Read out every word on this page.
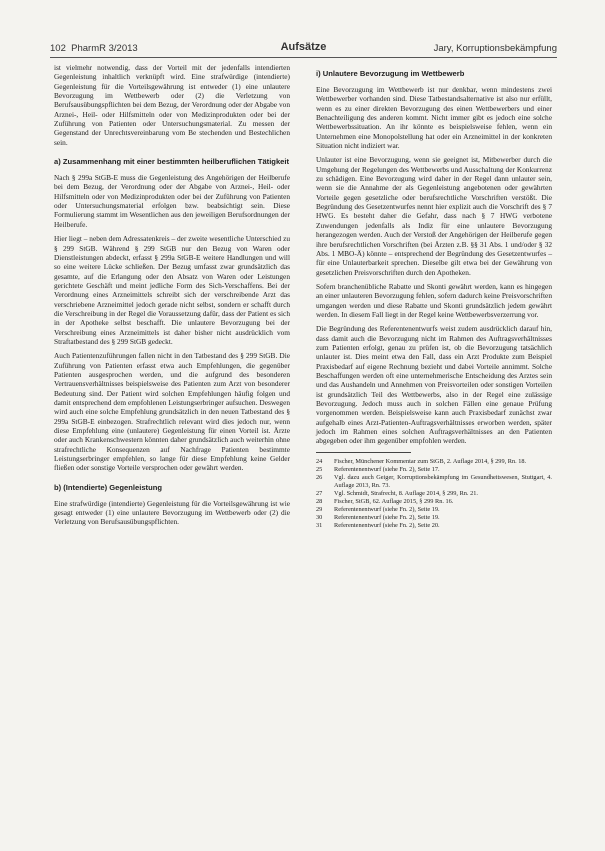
102 PharmR 3/2013	Aufsätze	Jary, Korruptionsbekämpfung

ist vielmehr notwendig, dass der Vorteil mit der jedenfalls intendierten Gegenleistung inhaltlich verknüpft wird. Eine strafwürdige (intendierte) Gegenleistung für die Vorteilsgewährung ist entweder (1) eine unlautere Bevorzugung im Wettbewerb oder (2) die Verletzung von Berufsausübungspflichten bei dem Bezug, der Verordnung oder der Abgabe von Arznei-, Heil- oder Hilfsmitteln oder von Medizinprodukten oder bei der Zuführung von Patienten oder Untersuchungsmaterial. Zu messen der Gegenstand der Unrechtsvereinbarung vom Be stechenden und Bestechlichen sein.

a) Zusammenhang mit einer bestimmten heilberuflichen Tätigkeit

Nach § 299a StGB-E muss die Gegenleistung des Angehörigen der Heilberufe bei dem Bezug, der Verordnung oder der Abgabe von Arznei-, Heil- oder Hilfsmitteln oder von Medizinprodukten oder bei der Zuführung von Patienten oder Untersuchungsmaterial erfolgen bzw. beabsichtigt sein. Diese Formulierung stammt im Wesentlichen aus den jeweiligen Berufsordnungen der Heilberufe.

Hier liegt – neben dem Adressatenkreis – der zweite wesentliche Unterschied zu § 299 StGB. Während § 299 StGB nur den Bezug von Waren oder Dienstleistungen abdeckt, erfasst § 299a StGB-E weitere Handlungen und will so eine weitere Lücke schließen. Der Bezug umfasst zwar grundsätzlich das gesamte, auf die Erlangung oder den Absatz von Waren oder Leistungen gerichtete Geschäft und meint jedliche Form des Sich-Verschaffens. Bei der Verordnung eines Arzneimittels schreibt sich der verschreibende Arzt das verschriebene Arzneimittel jedoch gerade nicht selbst, sondern er schafft durch die Verschreibung in der Regel die Voraussetzung dafür, dass der Patient es sich in der Apotheke selbst beschafft. Die unlautere Bevorzugung bei der Verschreibung eines Arzneimittels ist daher bisher nicht ausdrücklich vom Straftatbestand des § 299 StGB gedeckt.

Auch Patientenzuführungen fallen nicht in den Tatbestand des § 299 StGB. Die Zuführung von Patienten erfasst etwa auch Empfehlungen, die gegenüber Patienten ausgesprochen werden, und die aufgrund des besonderen Vertrauensverhältnisses beispielsweise des Patienten zum Arzt von besonderer Bedeutung sind. Der Patient wird solchen Empfehlungen häufig folgen und damit entsprechend dem empfohlenen Leistungserbringer aufsuchen. Deswegen wird auch eine solche Empfehlung grundsätzlich in den neuen Tatbestand des § 299a StGB-E einbezogen. Strafrechtlich relevant wird dies jedoch nur, wenn diese Empfehlung eine (unlautere) Gegenleistung für einen Vorteil ist. Ärzte oder auch Krankenschwestern könnten daher grundsätzlich auch weiterhin ohne strafrechtliche Konsequenzen auf Nachfrage Patienten bestimmte Leistungserbringer empfehlen, so lange für diese Empfehlung keine Gelder fließen oder sonstige Vorteile versprochen oder gewährt werden.

b) (Intendierte) Gegenleistung

Eine strafwürdige (intendierte) Gegenleistung für die Vorteilsgewährung ist wie gesagt entweder (1) eine unlautere Bevorzugung im Wettbewerb oder (2) die Verletzung von Berufsausübungspflichten.

i) Unlautere Bevorzugung im Wettbewerb

Eine Bevorzugung im Wettbewerb ist nur denkbar, wenn mindestens zwei Wettbewerber vorhanden sind. Diese Tatbestandsalternative ist also nur erfüllt, wenn es zu einer direkten Bevorzugung des einen Wettbewerbers und einer Benachteiligung des anderen kommt. Nicht immer gibt es jedoch eine solche Wettbewerbssituation. An ihr könnte es beispielsweise fehlen, wenn ein Unternehmen eine Monopolstellung hat oder ein Arzneimittel in der konkreten Situation nicht indiziert war.

Unlauter ist eine Bevorzugung, wenn sie geeignet ist, Mitbewerber durch die Umgehung der Regelungen des Wettbewerbs und Ausschaltung der Konkurrenz zu schädigen. Eine Bevorzugung wird daher in der Regel dann unlauter sein, wenn sie die Annahme der als Gegenleistung angebotenen oder gewährten Vorteile gegen gesetzliche oder berufsrechtliche Vorschriften verstößt. Die Begründung des Gesetzentwurfes nennt hier explizit auch die Vorschrift des § 7 HWG. Es besteht daher die Gefahr, dass nach § 7 HWG verbotene Zuwendungen jedenfalls als Indiz für eine unlautere Bevorzugung herangezogen werden. Auch der Verstoß der Angehörigen der Heilberufe gegen ihre berufsrechtlichen Vorschriften (bei Ärzten z.B. §§ 31 Abs. 1 und/oder § 32 Abs. 1 MBO-Ä) könnte – entsprechend der Begründung des Gesetzentwurfes – für eine Unlauterbarkeit sprechen. Dieselbe gilt etwa bei der Gewährung von gesetzlichen Preisvorschriften durch den Apotheken.

Sofern branchenübliche Rabatte und Skonti gewährt werden, kann es hingegen an einer unlauteren Bevorzugung fehlen, sofern dadurch keine Preisvorschriften umgangen werden und diese Rabatte und Skonti grundsätzlich jedem gewährt werden. In diesem Fall liegt in der Regel keine Wettbewerbsverzerrung vor.

Die Begründung des Referentenentwurfs weist zudem ausdrücklich darauf hin, dass damit auch die Bevorzugung nicht im Rahmen des Auftragsverhältnisses zum Patienten erfolgt, genau zu prüfen ist, ob die Bevorzugung tatsächlich unlauter ist. Dies meint etwa den Fall, dass ein Arzt Produkte zum Beispiel Praxisbedarf auf eigene Rechnung bezieht und dabei Vorteile annimmt. Solche Beschaffungen werden oft eine unternehmerische Entscheidung des Arztes sein und das Aushandeln und Annehmen von Preisvorteilen oder sonstigen Vorteilen ist grundsätzlich Teil des Wettbewerbs, also in der Regel eine zulässige Bevorzugung. Jedoch muss auch in solchen Fällen eine genaue Prüfung vorgenommen werden. Beispielsweise kann auch Praxisbedarf zunächst zwar aufgehalb eines Arzt-Patienten-Auftragsverhältnisses erworben werden, später jedoch im Rahmen eines solchen Auftragsverhältnisses an den Patienten abgegeben oder ihm gegenüber empfohlen werden.

24	Fischer, Münchener Kommentar zum StGB, 2. Auflage 2014, § 299, Rn. 18.
25	Referentenentwurf (siehe Fn. 2), Seite 17.
26	Vgl. dazu auch Geiger, Korruptionsbekämpfung im Gesundheitswesen, Stuttgart, 4. Auflage 2013, Rn. 73.
27	Vgl. Schmidt, Strafrecht, 8. Auflage 2014, § 299, Rn. 21.
28	Fischer, StGB, 62. Auflage 2015, § 299 Rn. 16.
29	Referentenentwurf (siehe Fn. 2), Seite 19.
30	Referentenentwurf (siehe Fn. 2), Seite 19.
31	Referentenentwurf (siehe Fn. 2), Seite 20.
